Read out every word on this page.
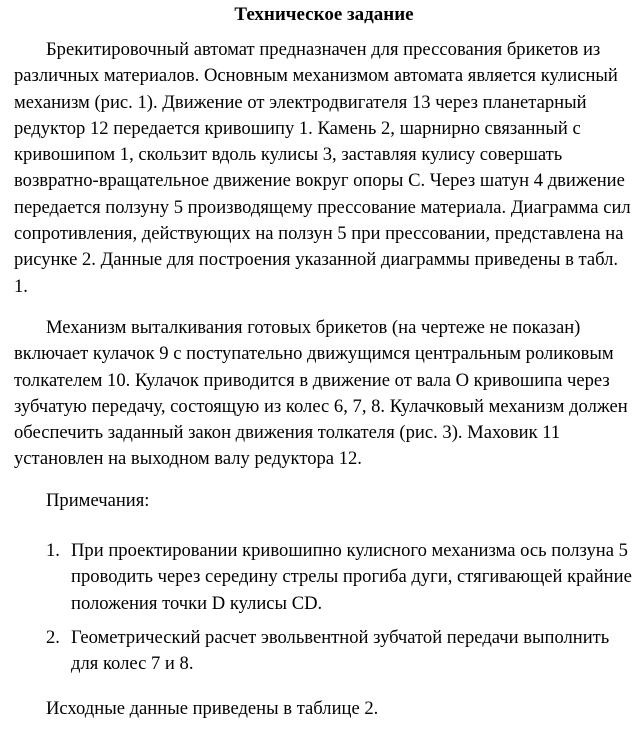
Техническое задание

Брекитировочный автомат предназначен для прессования брикетов из различных материалов. Основным механизмом автомата является кулисный механизм (рис. 1). Движение от электродвигателя 13 через планетарный редуктор 12 передается кривошипу 1. Камень 2, шарнирно связанный с кривошипом 1, скользит вдоль кулисы 3, заставляя кулису совершать возвратно-вращательное движение вокруг опоры С. Через шатун 4 движение передается ползуну 5 производящему прессование материала. Диаграмма сил сопротивления, действующих на ползун 5 при прессовании, представлена на рисунке 2. Данные для построения указанной диаграммы приведены в табл. 1.

Механизм выталкивания готовых брикетов (на чертеже не показан) включает кулачок 9 с поступательно движущимся центральным роликовым толкателем 10. Кулачок приводится в движение от вала О кривошипа через зубчатую передачу, состоящую из колес 6, 7, 8. Кулачковый механизм должен обеспечить заданный закон движения толкателя (рис. 3). Маховик 11 установлен на выходном валу редуктора 12.

Примечания:
1. При проектировании кривошипно кулисного механизма ось ползуна 5 проводить через середину стрелы прогиба дуги, стягивающей крайние положения точки D кулисы CD.
2. Геометрический расчет эвольвентной зубчатой передачи выполнить для колес 7 и 8.
Исходные данные приведены в таблице 2.
